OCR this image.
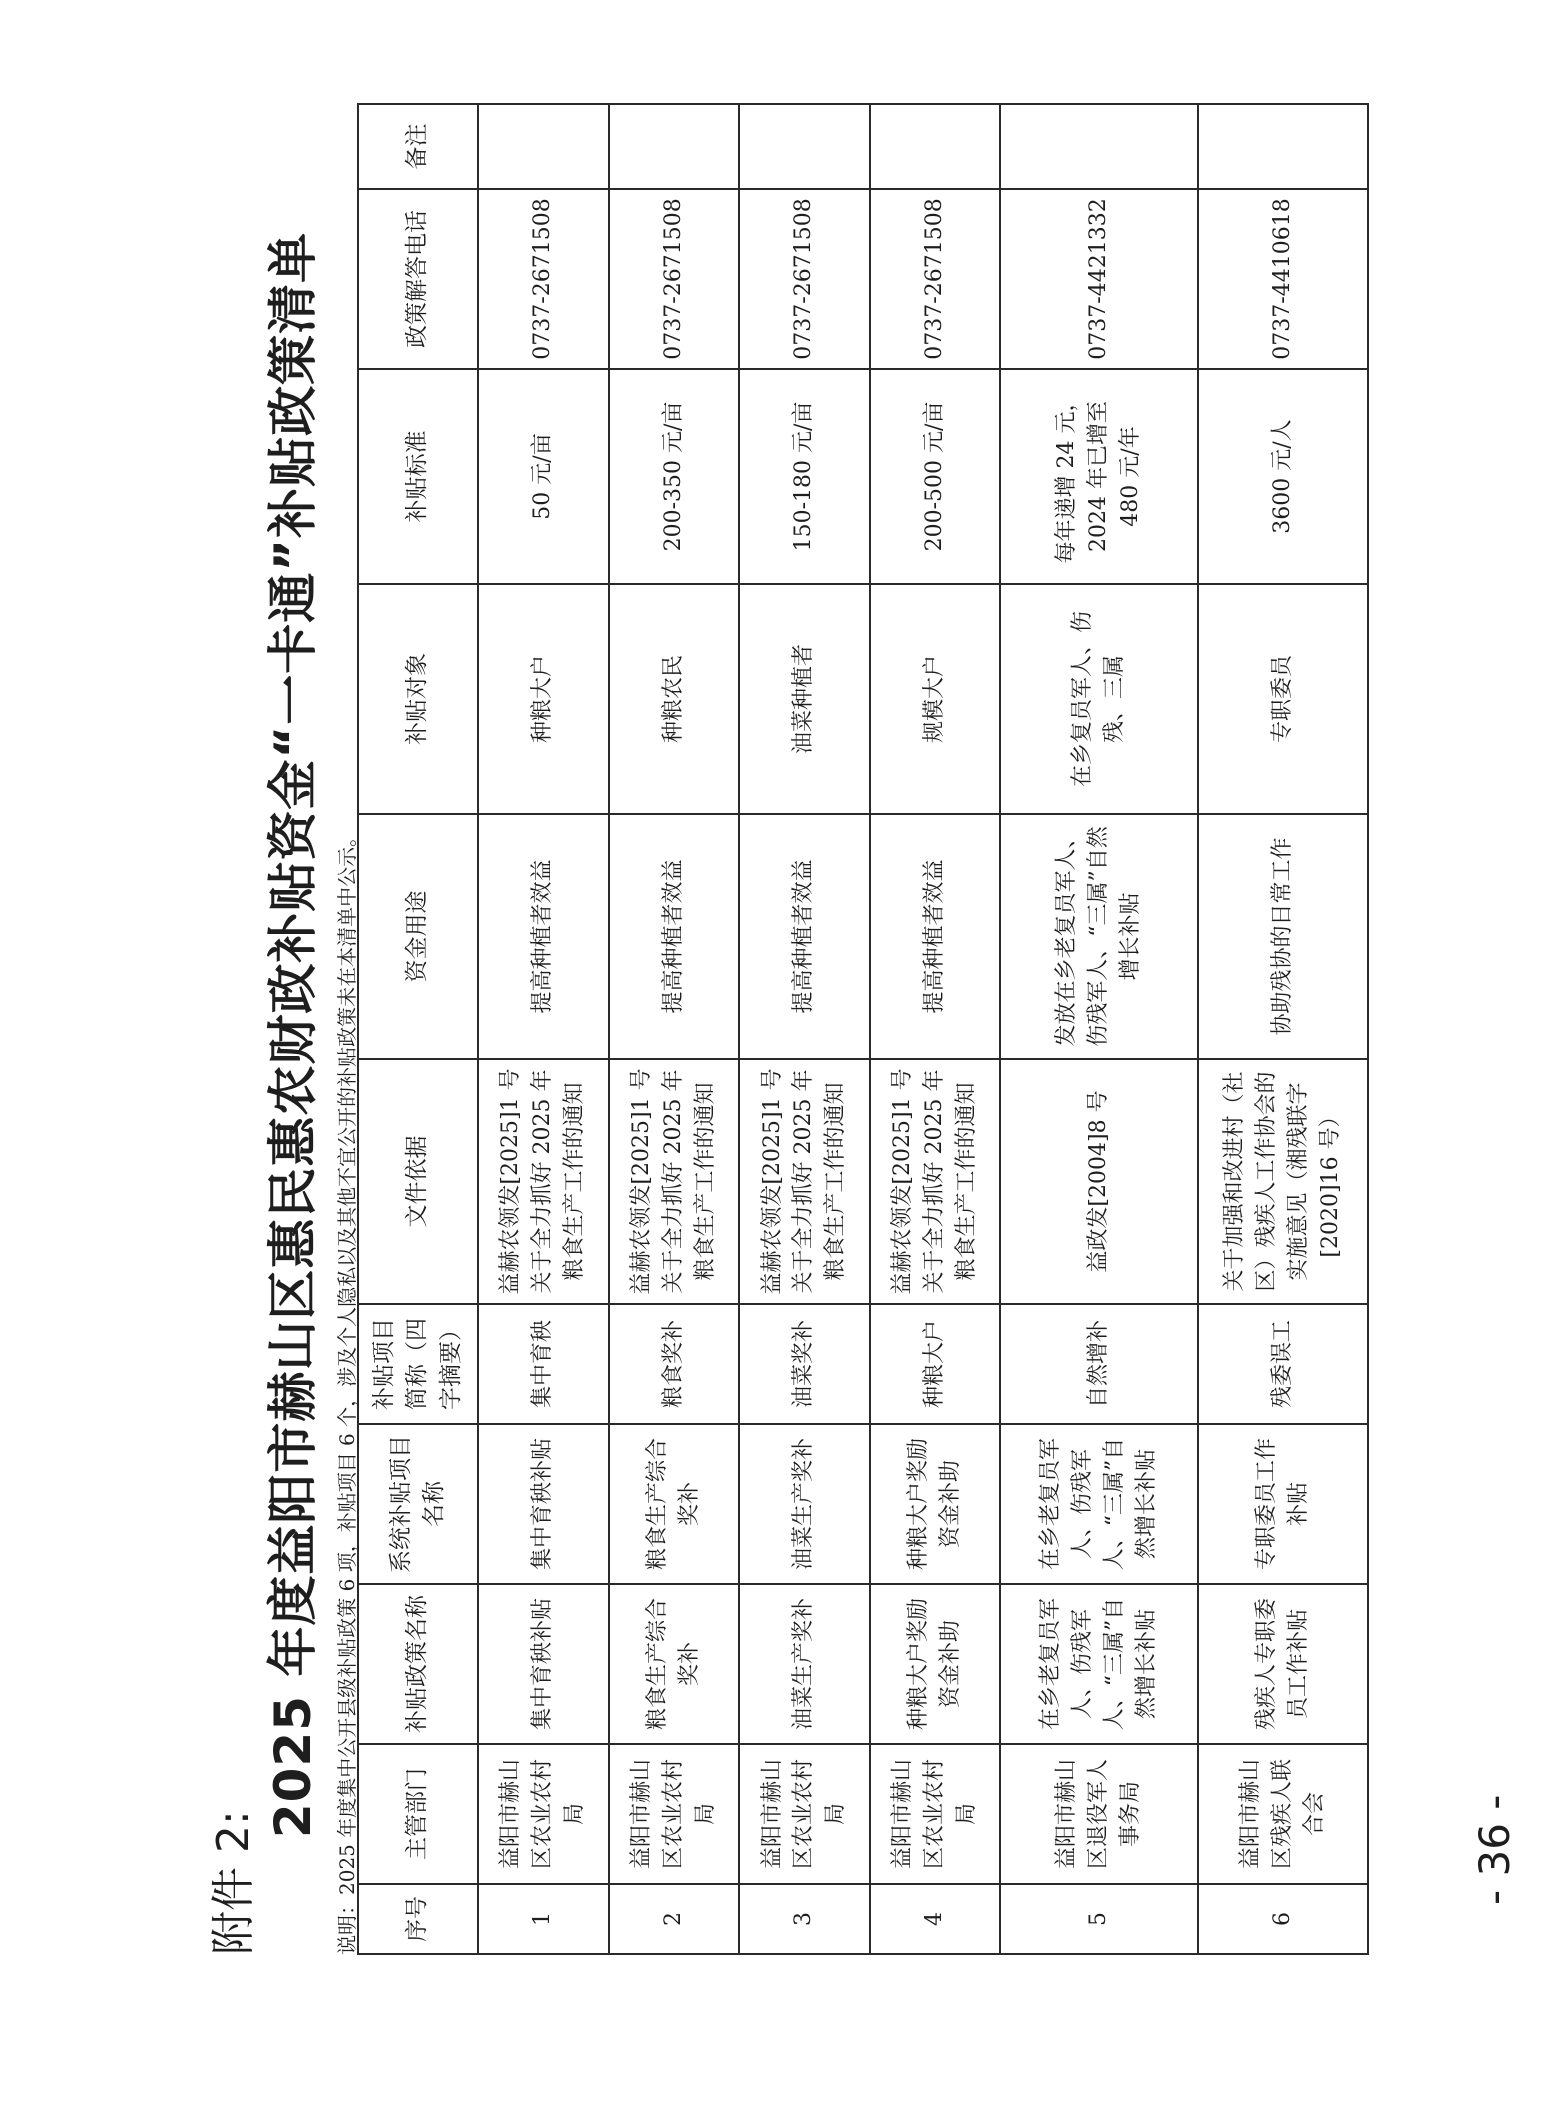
附件 2:
2025 年度益阳市赫山区惠民惠农财政补贴资金“一卡通”补贴政策清单 说明：2025 年度集中公开县级补贴政策 6 项，补贴项目 6 个，涉及个人隐私以及其他不宜公开的补贴政策未在本清单中公示。 序号	主管部门	补贴政策名称	系统补贴项目名称	补贴项目简称（四字摘要）	文件依据	资金用途	补贴对象	补贴标准	政策解答电话	备注
1	益阳市赫山区农业农村局	集中育秧补贴	集中育秧补贴	集中育秧	益赫农领发[2025]1 号关于全力抓好 2025 年粮食生产工作的通知	提高种植者效益	种粮大户	50 元/亩	0737-2671508	
2	益阳市赫山区农业农村局	粮食生产综合奖补	粮食生产综合奖补	粮食奖补	益赫农领发[2025]1 号关于全力抓好 2025 年粮食生产工作的通知	提高种植者效益	种粮农民	200-350 元/亩	0737-2671508	
3	益阳市赫山区农业农村局	油菜生产奖补	油菜生产奖补	油菜奖补	益赫农领发[2025]1 号关于全力抓好 2025 年粮食生产工作的通知	提高种植者效益	油菜种植者	150-180 元/亩	0737-2671508	
4	益阳市赫山区农业农村局	种粮大户奖励资金补助	种粮大户奖励资金补助	种粮大户	益赫农领发[2025]1 号关于全力抓好 2025 年粮食生产工作的通知	提高种植者效益	规模大户	200-500 元/亩	0737-2671508	
5	益阳市赫山区退役军人事务局	在乡老复员军人、伤残军人、“三属”自然增长补贴	在乡老复员军人、伤残军人、“三属”自然增长补贴	自然增补	益政发[2004]8 号	发放在乡老复员军人、伤残军人、“三属”自然增长补贴	在乡复员军人、伤残、三属	每年递增 24 元，2024 年已增至 480 元/年	0737-4421332	
6	益阳市赫山区残疾人联合会	残疾人专职委员工作补贴	专职委员工作补贴	残委误工	关于加强和改进村（社区）残疾人工作协会的实施意见（湘残联字[2020]16 号）	协助残协的日常工作	专职委员	3600 元/人	0737-4410618	
- 36 -
